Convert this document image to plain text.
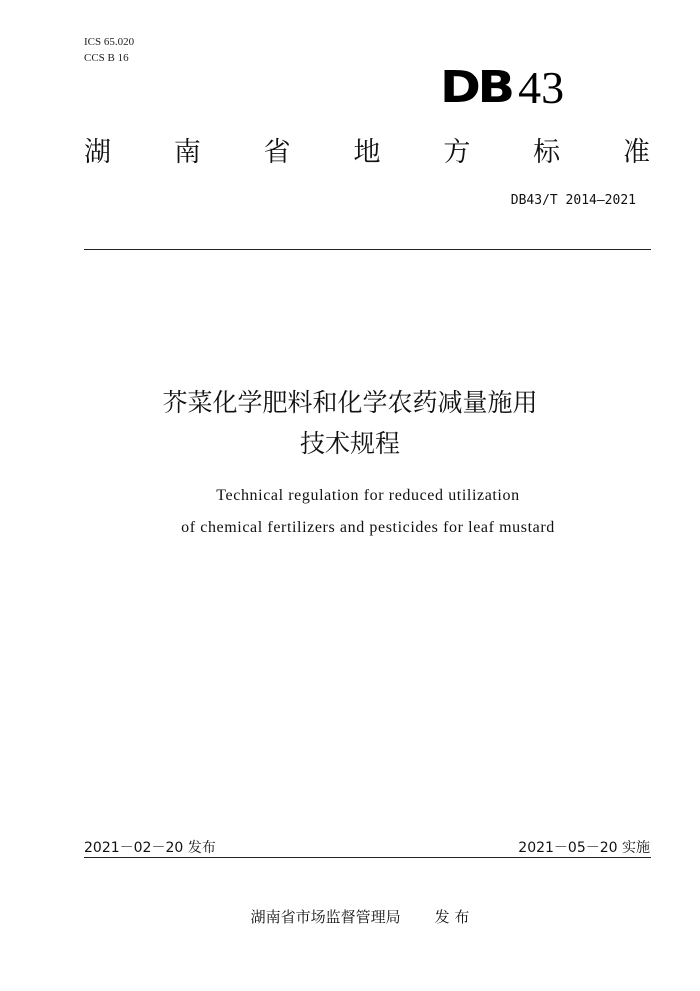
ICS 65.020
CCS B 16
DB 43
湖 南 省 地 方 标 准
DB43/T 2014—2021
芥菜化学肥料和化学农药减量施用
技术规程
Technical regulation for reduced utilization
of chemical fertilizers and pesticides for leaf mustard
2021－02－20 发布	2021－05－20 实施
湖南省市场监督管理局 发 布
